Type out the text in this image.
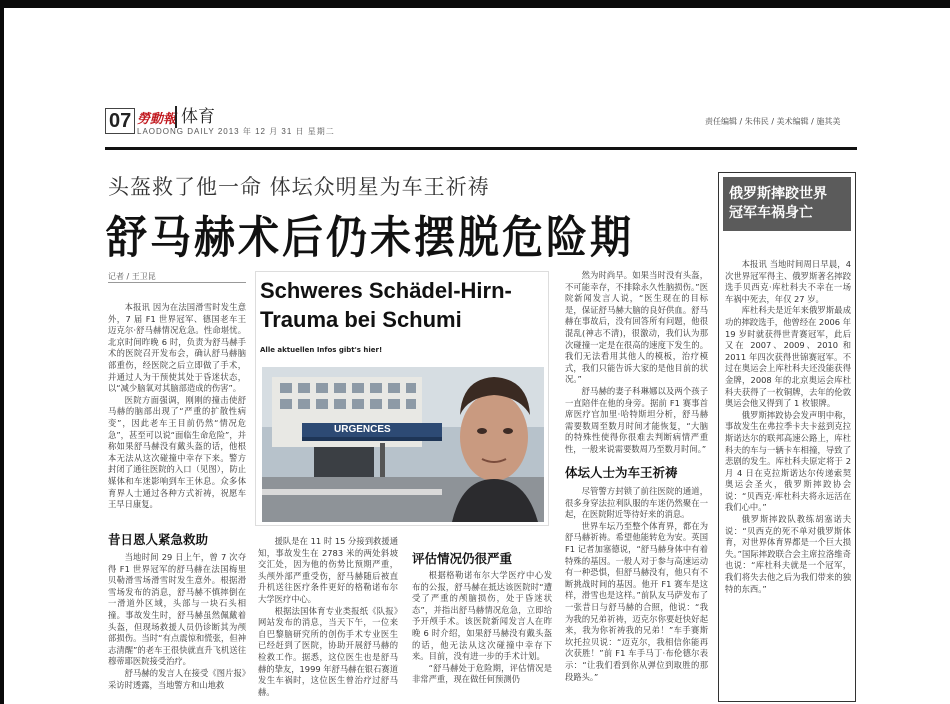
07 勞動報 体育
LAODONG DAILY 2013 年 12 月 31 日 星期二
责任编辑 / 朱伟民 / 美术编辑 / 施其美
头盔救了他一命 体坛众明星为车王祈祷
舒马赫术后仍未摆脱危险期
记者 / 王卫昆

本报讯 因为在法国滑雪时发生意外，7 届 F1 世界冠军、德国老车王迈克尔·舒马赫情况危急。性命堪忧。北京时间昨晚 6 时，负责为舒马赫手术的医院召开发布会，确认舒马赫脑部重伤，经医院之后立即做了手术，并通过人为干预使其处于昏迷状态，以“减少脑氧对其脑部造成的伤害”。

医院方面强调，刚刚的撞击使舒马赫的脑部出现了“严重的扩散性病变”，因此老车王目前仍然“情况危急”，甚至可以说“面临生命危险”，并称如果舒马赫没有戴头盔的话，他根本无法从这次碰撞中幸存下来。警方封闭了通往医院的入口（见图），防止媒体和车迷影响到车王休息。众多体育界人士通过各种方式祈祷，祝愿车王早日康复。

昔日恩人紧急救助

当地时间 29 日上午，曾 7 次夺得 F1 世界冠军的舒马赫在法国梅里贝勒滑雪场滑雪时发生意外。根据滑雪场发布的消息，舒马赫不慎摔倒在一滑道外区域，头部与一块石头相撞。事故发生时，舒马赫虽然佩戴着头盔，但现场救援人员仍诊断其为颅部损伤。当时“有点震惊和慌张，但神志清醒”的老车王很快就直升飞机送往穆蒂耶医院接受治疗。

舒马赫的发言人在接受《图片报》采访时透露，当地警方和山地救

Schweres Schädel-Hirn-
Trauma bei Schumi
Alle aktuellen Infos gibt's hier!
URGENCES

援队是在 11 时 15 分接到救援通知，事故发生在 2783 米的两处斜坡交汇处，因为他的伤势比预期严重，头颅外部严重受伤，舒马赫随后被直升机送往医疗条件更好的格勒诺布尔大学医疗中心。

根据法国体育专业类报纸《队报》网站发布的消息，当天下午，一位来自巴黎脑研究所的创伤手术专业医生已经赶到了医院，协助开展舒马赫的检救工作。据悉，这位医生也是舒马赫的挚友，1999 年舒马赫在银石赛道发生车祸时，这位医生曾治疗过舒马赫。

评估情况仍很严重

根据格勒诺布尔大学医疗中心发布的公报，舒马赫在抵达该医院时“遭受了严重的颅脑损伤，处于昏迷状态”，并指出舒马赫情况危急，立即给予开颅手术。该医院新闻发言人在昨晚 6 时介绍，如果舒马赫没有戴头盔的话，他无法从这次碰撞中幸存下来。目前，没有进一步的手术计划。

“舒马赫处于危险期，评估情况是非常严重，现在做任何预测仍

然为时尚早。如果当时没有头盔，不可能幸存，不排除永久性脑损伤。”医院新闻发言人说，“医生现在的目标是，保证舒马赫大脑的良好供血。舒马赫在事故后，没有回答所有问题，他很混乱(神志不清)，很激动，我们认为那次碰撞一定是在很高的速度下发生的。我们无法看用其他人的模板，治疗模式，我们只能告诉大家的是他目前的状况。”

舒马赫的妻子科琳娜以及两个孩子一直陪伴在他的身旁。据前 F1 赛事首席医疗官加里·哈特斯坦分析，舒马赫需要数周至数月时间才能恢复，“大脑的特殊性使得你很难去判断病情严重性，一般来说需要数周乃至数月时间。”

体坛人士为车王祈祷

尽管警方封锁了前往医院的通道，很多身穿法拉利队服的车迷仍然聚在一起，在医院附近等待好来的消息。

世界车坛乃至整个体育界，都在为舒马赫祈祷。希望他能转危为安。英国 F1 记者加塞德说，“舒马赫身体中有着特殊的基因。一般人对于参与高速运动有一种恐惧，但舒马赫没有，他只有不断挑战时间的基因。他开 F1 赛车是这样，滑雪也是这样。”前队友马萨发布了一张昔日与舒马赫的合照，他说：“我为我的兄弟祈祷，迈克尔你要赶快好起来，我为你祈祷我的兄弟！”车手赛斯坎托拉贝说：“迈克尔，我相信你能再次获胜！”前 F1 车手马丁·布伦德尔表示：“让我们看到你从弹位到取胜的那段路头。”

俄罗斯摔跤世界
冠军车祸身亡

本报讯 当地时间周日早晨，4 次世界冠军得主、俄罗斯著名摔跤选手贝西克·库杜科夫不幸在一场车祸中死去，年仅 27 岁。

库杜科夫是近年来俄罗斯最成功的摔跤选手，他曾经在 2006 年 19 岁时就获得世青赛冠军，此后又在 2007、2009、2010 和 2011 年四次获得世锦赛冠军。不过在奥运会上库杜科夫还没能获得金牌，2008 年的北京奥运会库杜科夫获得了一枚铜牌，去年的伦敦奥运会他又得到了 1 枚银牌。

俄罗斯摔跤协会发声明中称，事故发生在弗拉季卡夫卡兹到克拉斯诺达尔的联邦高速公路上，库杜科夫的车与一辆卡车相撞，导致了悲剧的发生。库杜科夫原定将于 2 月 4 日在克拉斯诺达尔传递索契奥运会圣火，俄罗斯摔跤协会说：“贝西克·库杜科夫将永远活在我们心中。”

俄罗斯摔跤队教练胡塞诺夫说：“贝西克的死不单对俄罗斯体育，对世界体育界都是一个巨大损失。”国际摔跤联合会主席拉洛维奇也说：“库杜科夫就是一个冠军，我们将失去他之后为我们带来的独特的东西。”
